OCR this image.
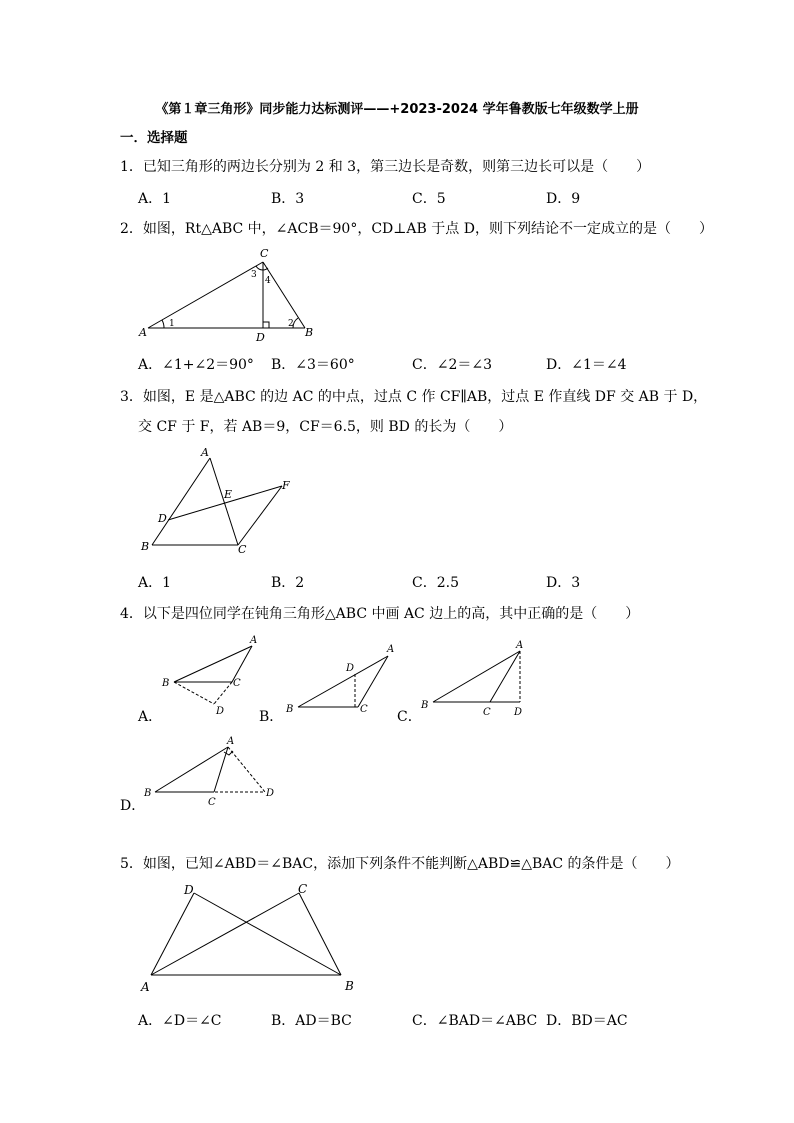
《第１章三角形》同步能力达标测评——+2023-2024 学年鲁教版七年级数学上册
一．选择题
1．已知三角形的两边长分别为 2 和 3，第三边长是奇数，则第三边长可以是（　　）
A．1	B．3	C．5	D．9
2．如图，Rt△ABC 中，∠ACB＝90°，CD⊥AB 于点 D，则下列结论不一定成立的是（　　）
A	B
C
D
1	2
3
4
A．∠1+∠2＝90° B．∠3＝60°	C．∠2＝∠3	D．∠1＝∠4
3．如图，E 是△ABC 的边 AC 的中点，过点 C 作 CF∥AB，过点 E 作直线 DF 交 AB 于 D，
交 CF 于 F，若 AB＝9，CF＝6.5，则 BD 的长为（　　）
A
B	C
D
E
F
A．1	B．2	C．2.5	D．3
4．以下是四位同学在钝角三角形△ABC 中画 AC 边上的高，其中正确的是（　　）
A
B	C
D
A
B	C
D
A
B
C D
A
B
C
D
A．	B．	C．
D．
5．如图，已知∠ABD＝∠BAC，添加下列条件不能判断△ABD≌△BAC 的条件是（　　）
A	B
C
D
A．∠D＝∠C	B．AD＝BC	C．∠BAD＝∠ABC D．BD＝AC
